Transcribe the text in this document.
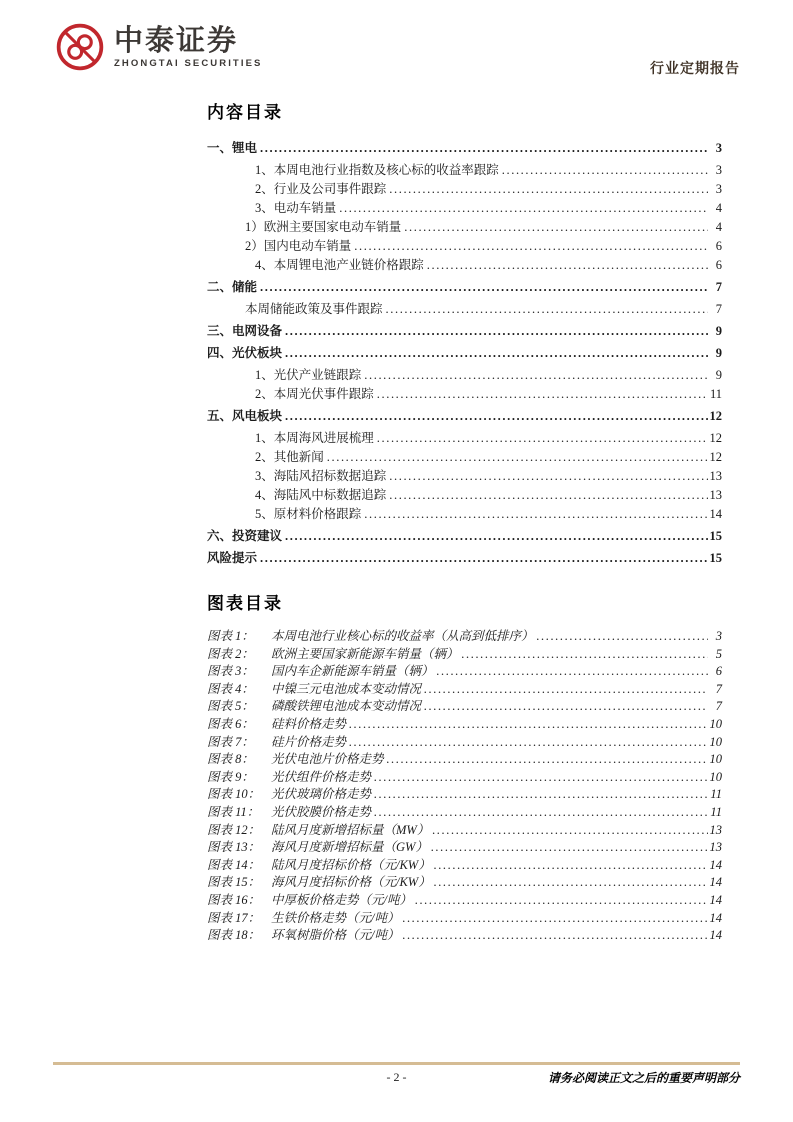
中泰证券
ZHONGTAI SECURITIES	行业定期报告
内容目录
一、锂电 .....	3
1、本周电池行业指数及核心标的收益率跟踪 .....	3
2、行业及公司事件跟踪 .....	3
3、电动车销量 .....	4
1）欧洲主要国家电动车销量 .....	4
2）国内电动车销量 .....	6
4、本周锂电池产业链价格跟踪 .....	6
二、储能 .....	7
本周储能政策及事件跟踪 .....	7
三、电网设备 .....	9
四、光伏板块 .....	9
1、光伏产业链跟踪 .....	9
2、本周光伏事件跟踪 .....	11
五、风电板块 .....	12
1、本周海风进展梳理 .....	12
2、其他新闻 .....	12
3、海陆风招标数据追踪 .....	13
4、海陆风中标数据追踪 .....	13
5、原材料价格跟踪 .....	14
六、投资建议 .....	15
风险提示 .....	15
图表目录
图表 1：	本周电池行业核心标的收益率（从高到低排序） .....	3
图表 2：	欧洲主要国家新能源车销量（辆） .....	5
图表 3：	国内车企新能源车销量（辆） .....	6
图表 4：	中镍三元电池成本变动情况 .....	7
图表 5：	磷酸铁锂电池成本变动情况 .....	7
图表 6：	硅料价格走势 .....	10
图表 7：	硅片价格走势 .....	10
图表 8：	光伏电池片价格走势 .....	10
图表 9：	光伏组件价格走势 .....	10
图表 10： 光伏玻璃价格走势 .....	11
图表 11： 光伏胶膜价格走势 .....	11
图表 12： 陆风月度新增招标量（MW） .....	13
图表 13： 海风月度新增招标量（GW） .....	13
图表 14： 陆风月度招标价格（元/KW） .....	14
图表 15： 海风月度招标价格（元/KW） .....	14
图表 16： 中厚板价格走势（元/吨） .....	14
图表 17： 生铁价格走势（元/吨） .....	14
图表 18： 环氧树脂价格（元/吨） .....	14
- 2 -	请务必阅读正文之后的重要声明部分
